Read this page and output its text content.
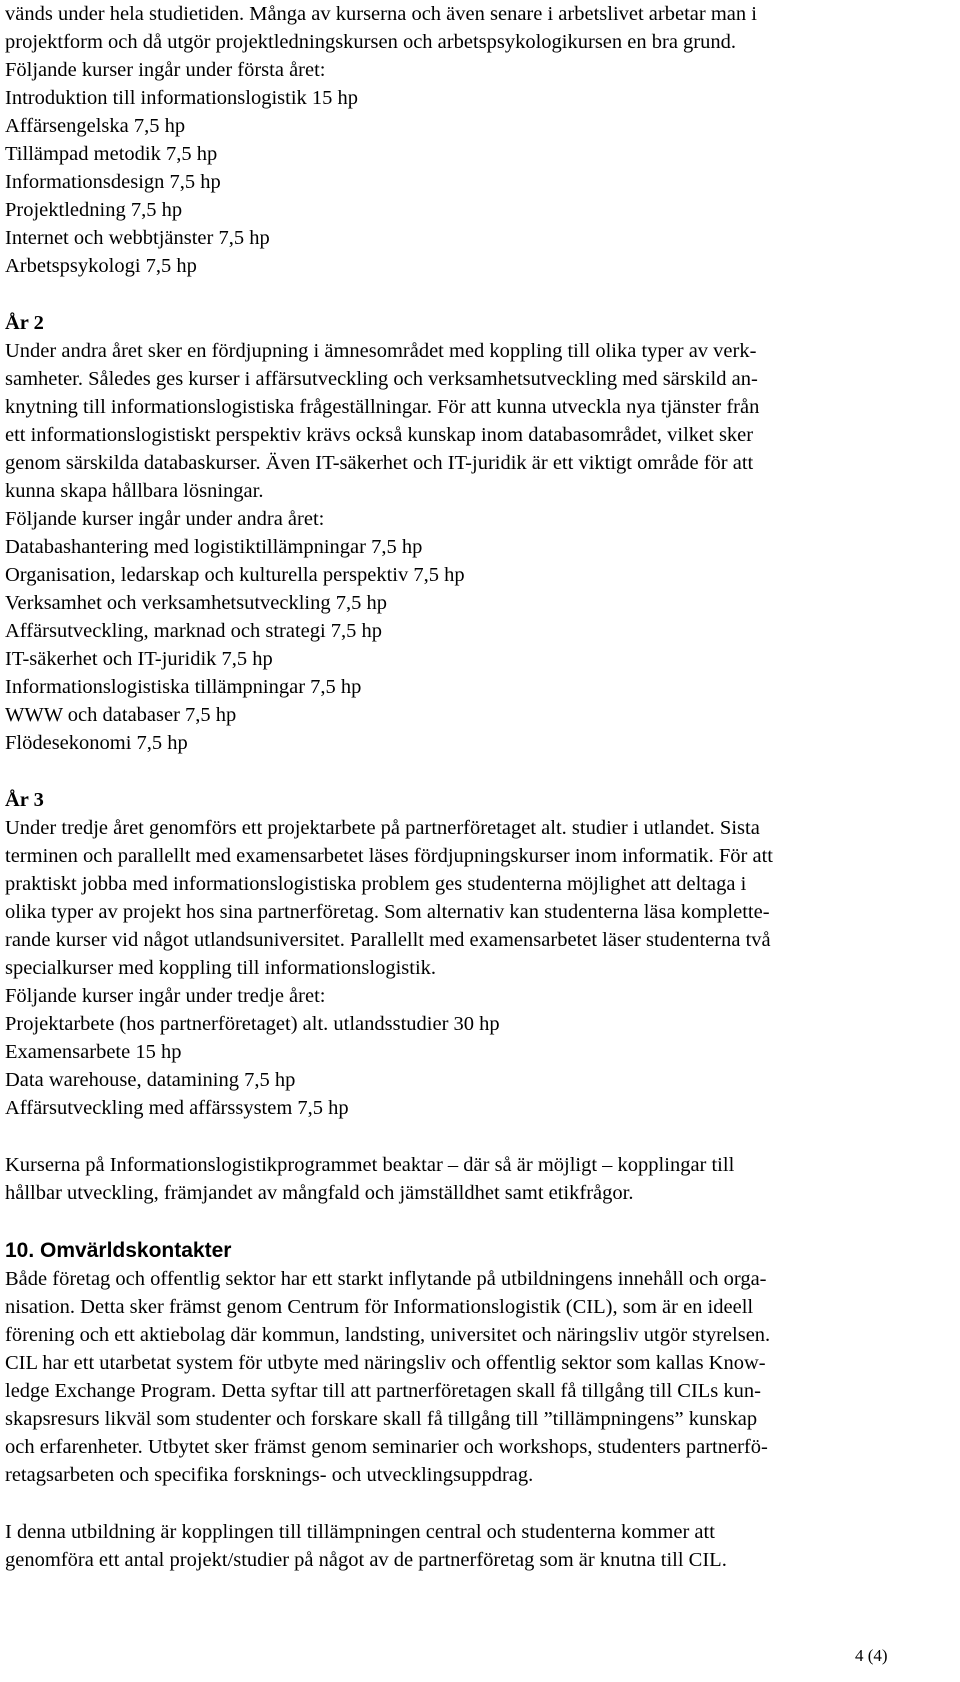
vänds under hela studietiden. Många av kurserna och även senare i arbetslivet arbetar man i

projektform och då utgör projektledningskursen och arbetspsykologikursen en bra grund.

Följande kurser ingår under första året:

Introduktion till informationslogistik 15 hp

Affärsengelska 7,5 hp

Tillämpad metodik 7,5 hp

Informationsdesign 7,5 hp

Projektledning 7,5 hp

Internet och webbtjänster 7,5 hp

Arbetspsykologi 7,5 hp

År 2

Under andra året sker en fördjupning i ämnesområdet med koppling till olika typer av verk-

samheter. Således ges kurser i affärsutveckling och verksamhetsutveckling med särskild an-

knytning till informationslogistiska frågeställningar. För att kunna utveckla nya tjänster från

ett informationslogistiskt perspektiv krävs också kunskap inom databasområdet, vilket sker

genom särskilda databaskurser. Även IT-säkerhet och IT-juridik är ett viktigt område för att

kunna skapa hållbara lösningar.

Följande kurser ingår under andra året:

Databashantering med logistiktillämpningar 7,5 hp

Organisation, ledarskap och kulturella perspektiv 7,5 hp

Verksamhet och verksamhetsutveckling 7,5 hp

Affärsutveckling, marknad och strategi 7,5 hp

IT-säkerhet och IT-juridik 7,5 hp

Informationslogistiska tillämpningar 7,5 hp

WWW och databaser 7,5 hp

Flödesekonomi 7,5 hp

År 3

Under tredje året genomförs ett projektarbete på partnerföretaget alt. studier i utlandet. Sista

terminen och parallellt med examensarbetet läses fördjupningskurser inom informatik. För att

praktiskt jobba med informationslogistiska problem ges studenterna möjlighet att deltaga i

olika typer av projekt hos sina partnerföretag. Som alternativ kan studenterna läsa komplette-

rande kurser vid något utlandsuniversitet. Parallellt med examensarbetet läser studenterna två

specialkurser med koppling till informationslogistik.

Följande kurser ingår under tredje året:

Projektarbete (hos partnerföretaget) alt. utlandsstudier 30 hp

Examensarbete 15 hp

Data warehouse, datamining 7,5 hp

Affärsutveckling med affärssystem 7,5 hp

Kurserna på Informationslogistikprogrammet beaktar – där så är möjligt – kopplingar till

hållbar utveckling, främjandet av mångfald och jämställdhet samt etikfrågor.

10. Omvärldskontakter

Både företag och offentlig sektor har ett starkt inflytande på utbildningens innehåll och orga-

nisation. Detta sker främst genom Centrum för Informationslogistik (CIL), som är en ideell

förening och ett aktiebolag där kommun, landsting, universitet och näringsliv utgör styrelsen.

CIL har ett utarbetat system för utbyte med näringsliv och offentlig sektor som kallas Know-

ledge Exchange Program. Detta syftar till att partnerföretagen skall få tillgång till CILs kun-

skapsresurs likväl som studenter och forskare skall få tillgång till ”tillämpningens” kunskap

och erfarenheter. Utbytet sker främst genom seminarier och workshops, studenters partnerfö-

retagsarbeten och specifika forsknings- och utvecklingsuppdrag.

I denna utbildning är kopplingen till tillämpningen central och studenterna kommer att

genomföra ett antal projekt/studier på något av de partnerföretag som är knutna till CIL.

4 (4)
